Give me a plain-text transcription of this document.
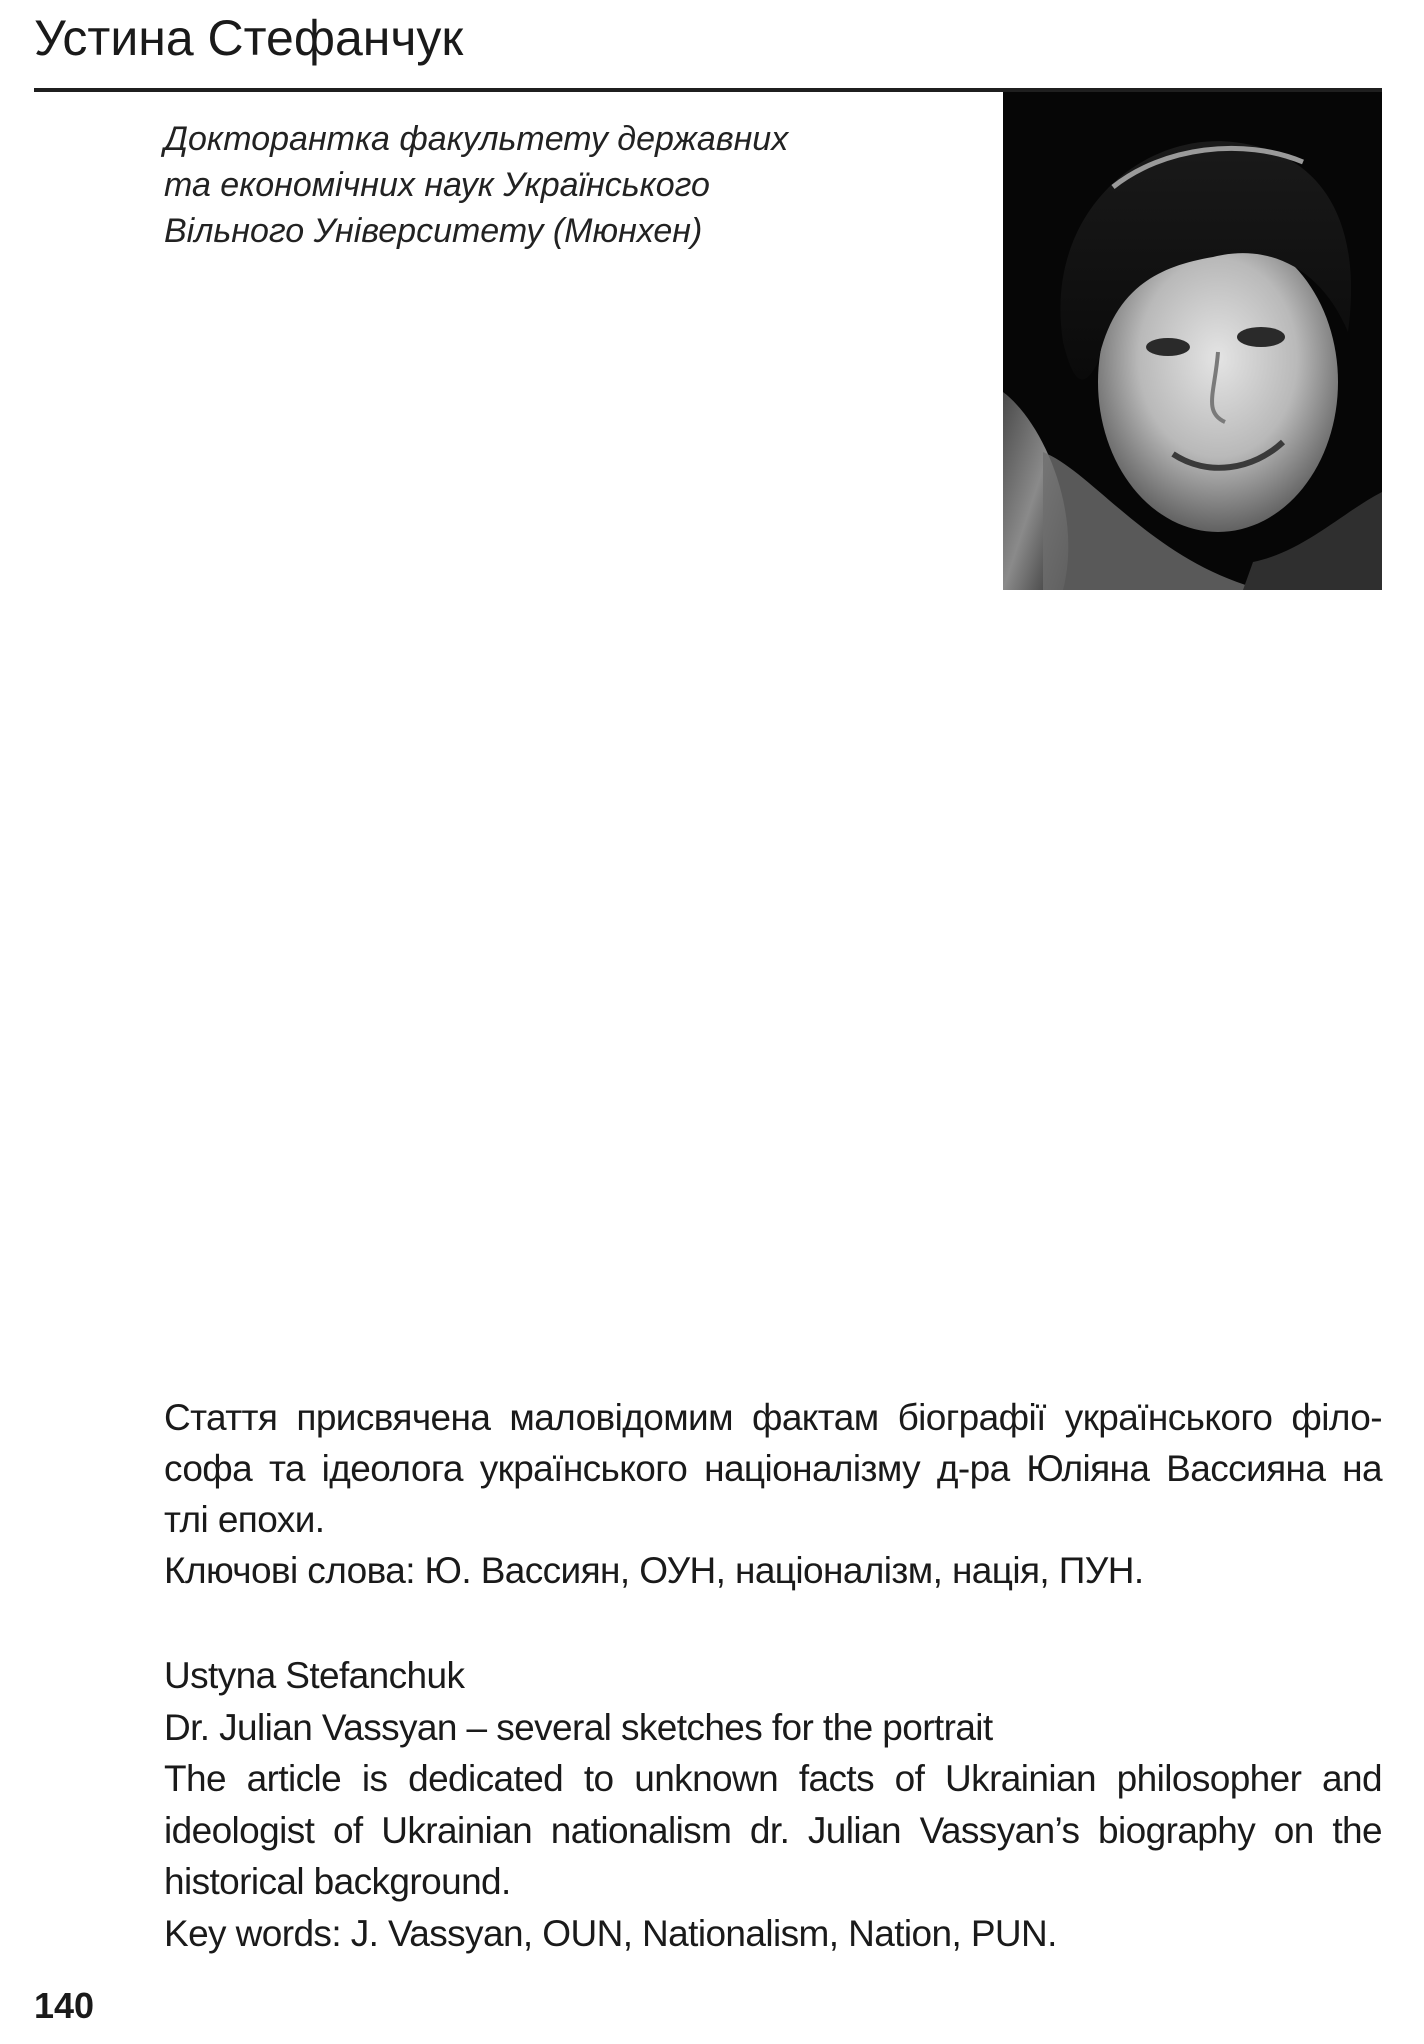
Устина Стефанчук

Докторантка факультету державних
та економічних наук Українського
Вільного Університету (Мюнхен)

Стаття присвячена маловідомим фактам біографії українського філо-
софа та ідеолога українського націоналізму д-ра Юліяна Вассияна на
тлі епохи.
Ключові слова: Ю. Вассиян, ОУН, націоналізм, нація, ПУН.
Ustyna Stefanchuk
Dr. Julian Vassyan – several sketches for the portrait
The article is dedicated to unknown facts of Ukrainian philosopher and
ideologist of Ukrainian nationalism dr. Julian Vassyan’s biography on the
historical background.
Key words: J. Vassyan, OUN, Nationalism, Nation, PUN.
140
